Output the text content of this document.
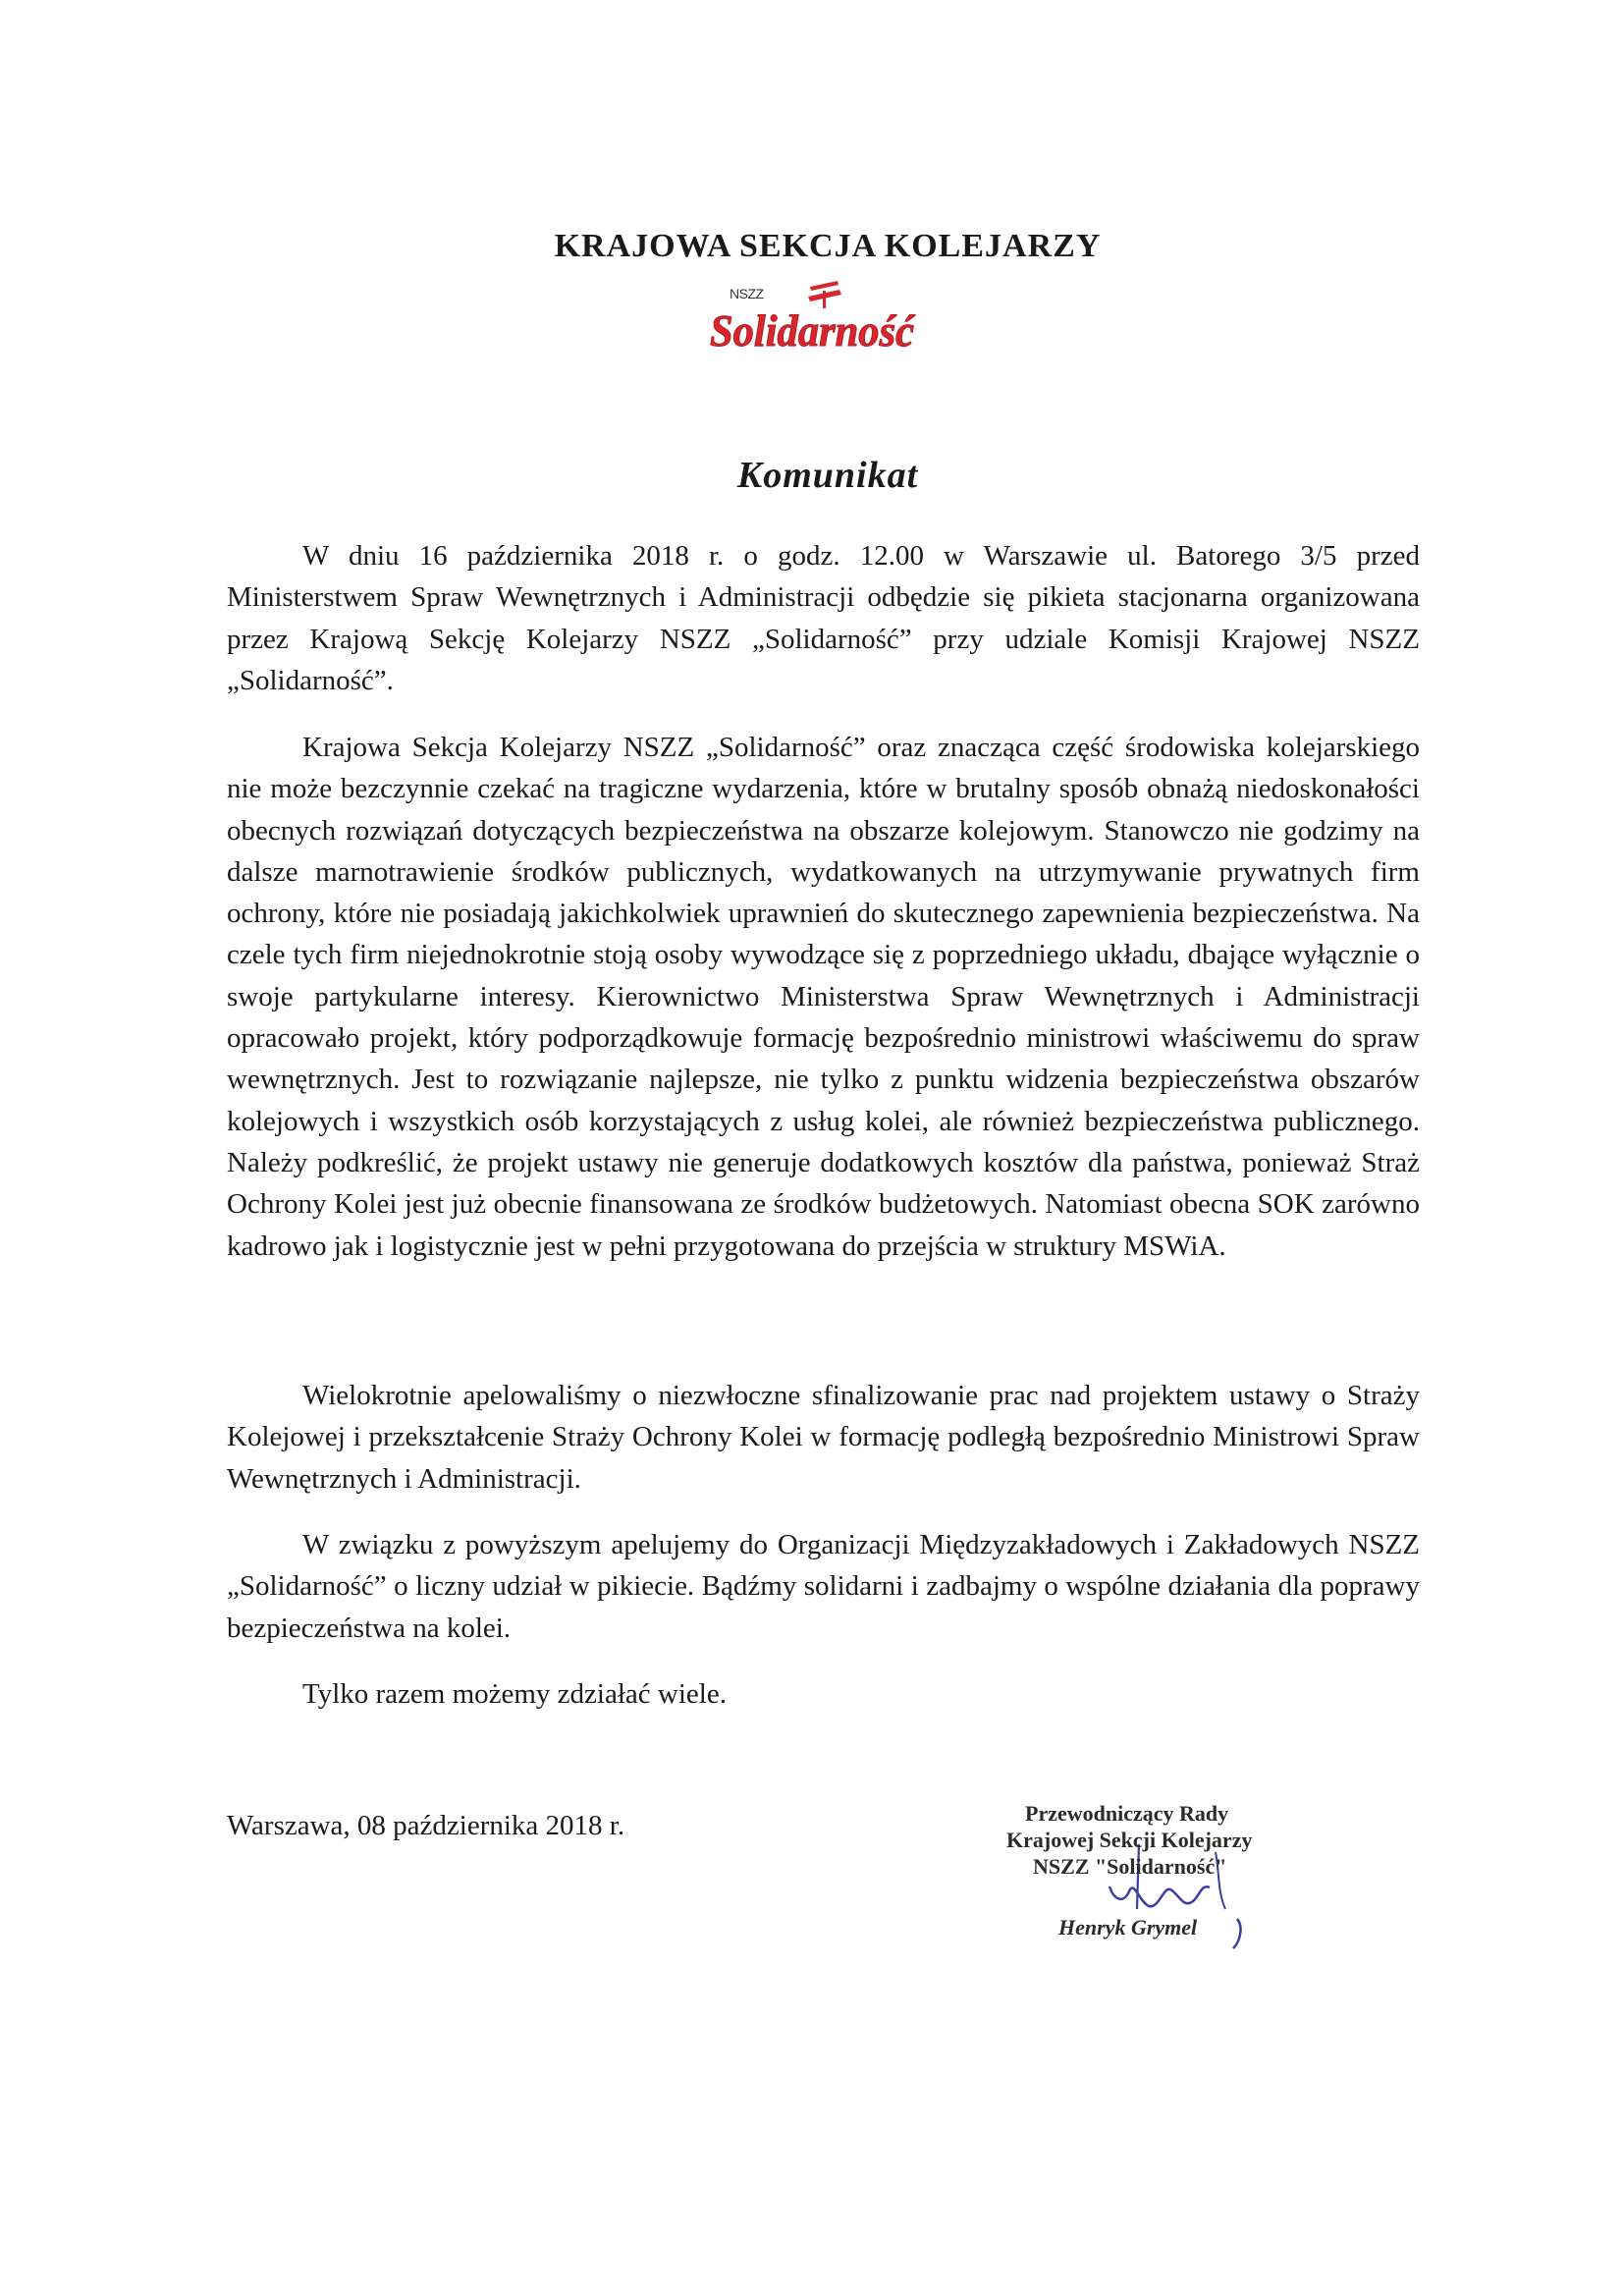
KRAJOWA SEKCJA KOLEJARZY
NSZZ
Solidarność
Komunikat

W dniu 16 października 2018 r. o godz. 12.00 w Warszawie ul. Batorego 3/5 przed Ministerstwem Spraw Wewnętrznych i Administracji odbędzie się pikieta stacjonarna organizowana przez Krajową Sekcję Kolejarzy NSZZ „Solidarność” przy udziale Komisji Krajowej NSZZ „Solidarność”.

Krajowa Sekcja Kolejarzy NSZZ „Solidarność” oraz znacząca część środowiska kolejarskiego nie może bezczynnie czekać na tragiczne wydarzenia, które w brutalny sposób obnażą niedoskonałości obecnych rozwiązań dotyczących bezpieczeństwa na obszarze kolejowym. Stanowczo nie godzimy na dalsze marnotrawienie środków publicznych, wydatkowanych na utrzymywanie prywatnych firm ochrony, które nie posiadają jakichkolwiek uprawnień do skutecznego zapewnienia bezpieczeństwa. Na czele tych firm niejednokrotnie stoją osoby wywodzące się z poprzedniego układu, dbające wyłącznie o swoje partykularne interesy. Kierownictwo Ministerstwa Spraw Wewnętrznych i Administracji opracowało projekt, który podporządkowuje formację bezpośrednio ministrowi właściwemu do spraw wewnętrznych. Jest to rozwiązanie najlepsze, nie tylko z punktu widzenia bezpieczeństwa obszarów kolejowych i wszystkich osób korzystających z usług kolei, ale również bezpieczeństwa publicznego. Należy podkreślić, że projekt ustawy nie generuje dodatkowych kosztów dla państwa, ponieważ Straż Ochrony Kolei jest już obecnie finansowana ze środków budżetowych. Natomiast obecna SOK zarówno kadrowo jak i logistycznie jest w pełni przygotowana do przejścia w struktury MSWiA.

Wielokrotnie apelowaliśmy o niezwłoczne sfinalizowanie prac nad projektem ustawy o Straży Kolejowej i przekształcenie Straży Ochrony Kolei w formację podległą bezpośrednio Ministrowi Spraw Wewnętrznych i Administracji.

W związku z powyższym apelujemy do Organizacji Międzyzakładowych i Zakładowych NSZZ „Solidarność” o liczny udział w pikiecie. Bądźmy solidarni i zadbajmy o wspólne działania dla poprawy bezpieczeństwa na kolei.

Tylko razem możemy zdziałać wiele.

Warszawa, 08 października 2018 r.	Przewodniczący Rady
Krajowej Sekcji Kolejarzy
NSZZ "Solidarność"
Henryk Grymel
